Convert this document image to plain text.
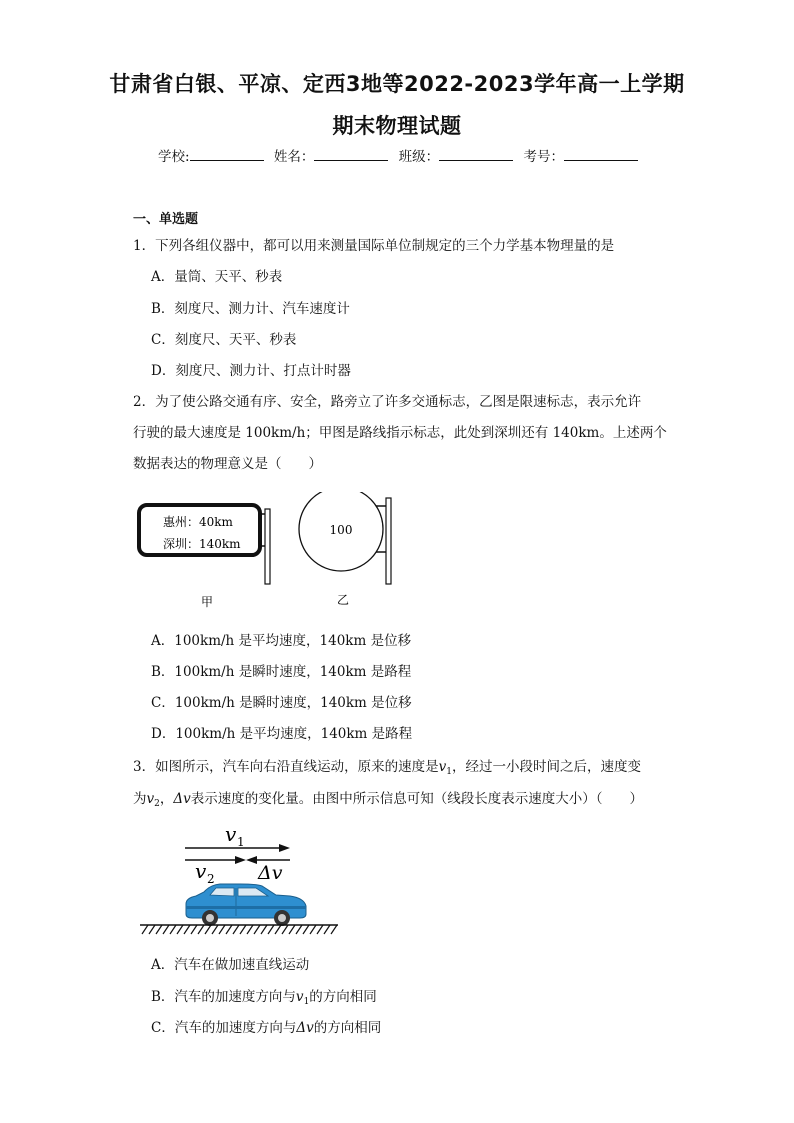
甘肃省白银、平凉、定西3地等2022-2023学年高一上学期
期末物理试题
学校:	姓名：	班级：	考号：
一、单选题
1．下列各组仪器中，都可以用来测量国际单位制规定的三个力学基本物理量的是
A．量筒、天平、秒表
B．刻度尺、测力计、汽车速度计
C．刻度尺、天平、秒表
D．刻度尺、测力计、打点计时器
2．为了使公路交通有序、安全，路旁立了许多交通标志，乙图是限速标志，表示允许
行驶的最大速度是 100km/h；甲图是路线指示标志，此处到深圳还有 140km。上述两个
数据表达的物理意义是（　　）
惠州：40km
深圳：140km
甲
100
乙
A．100km/h 是平均速度，140km 是位移
B．100km/h 是瞬时速度，140km 是路程
C．100km/h 是瞬时速度，140km 是位移
D．100km/h 是平均速度，140km 是路程
3．如图所示，汽车向右沿直线运动，原来的速度是$v_1$，经过一小段时间之后，速度变
为$v_2$，Δv表示速度的变化量。由图中所示信息可知（线段长度表示速度大小）（　　）
v 1
v 2 Δv
A．汽车在做加速直线运动
B．汽车的加速度方向与$v_1$的方向相同
C．汽车的加速度方向与Δv的方向相同
